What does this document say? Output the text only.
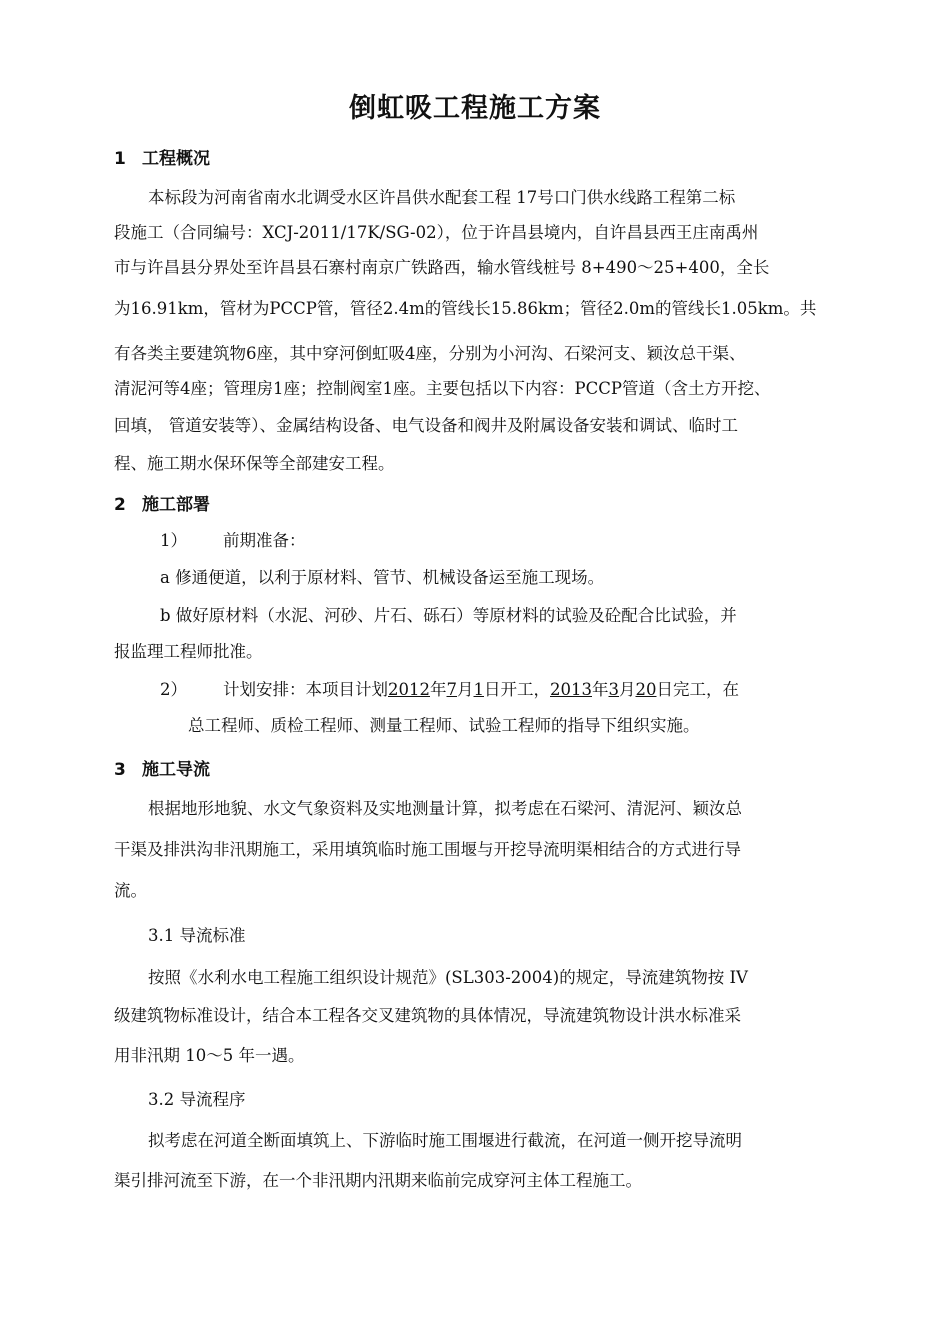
倒虹吸工程施工方案
1 工程概况
本标段为河南省南水北调受水区许昌供水配套工程 17号口门供水线路工程第二标
段施工（合同编号：XCJ-2011/17K/SG-02），位于许昌县境内，自许昌县西王庄南禹州
市与许昌县分界处至许昌县石寨村南京广铁路西，输水管线桩号 8+490～25+400，全长
为16.91km，管材为PCCP管，管径2.4m的管线长15.86km；管径2.0m的管线长1.05km。共
有各类主要建筑物6座，其中穿河倒虹吸4座，分别为小河沟、石梁河支、颖汝总干渠、
清泥河等4座；管理房1座；控制阀室1座。主要包括以下内容：PCCP管道（含土方开挖、
回填， 管道安装等）、金属结构设备、电气设备和阀井及附属设备安装和调试、临时工
程、施工期水保环保等全部建安工程。
2 施工部署
1） 前期准备：
a 修通便道，以利于原材料、管节、机械设备运至施工现场。
b 做好原材料（水泥、河砂、片石、砾石）等原材料的试验及砼配合比试验，并
报监理工程师批准。
2） 计划安排：本项目计划2012年7月1日开工，2013年3月20日完工，在
总工程师、质检工程师、测量工程师、试验工程师的指导下组织实施。
3 施工导流
根据地形地貌、水文气象资料及实地测量计算，拟考虑在石梁河、清泥河、颖汝总
干渠及排洪沟非汛期施工，采用填筑临时施工围堰与开挖导流明渠相结合的方式进行导
流。
3.1 导流标准
按照《水利水电工程施工组织设计规范》(SL303-2004)的规定，导流建筑物按 IV
级建筑物标准设计，结合本工程各交叉建筑物的具体情况，导流建筑物设计洪水标准采
用非汛期 10～5 年一遇。
3.2 导流程序
拟考虑在河道全断面填筑上、下游临时施工围堰进行截流，在河道一侧开挖导流明
渠引排河流至下游，在一个非汛期内汛期来临前完成穿河主体工程施工。
